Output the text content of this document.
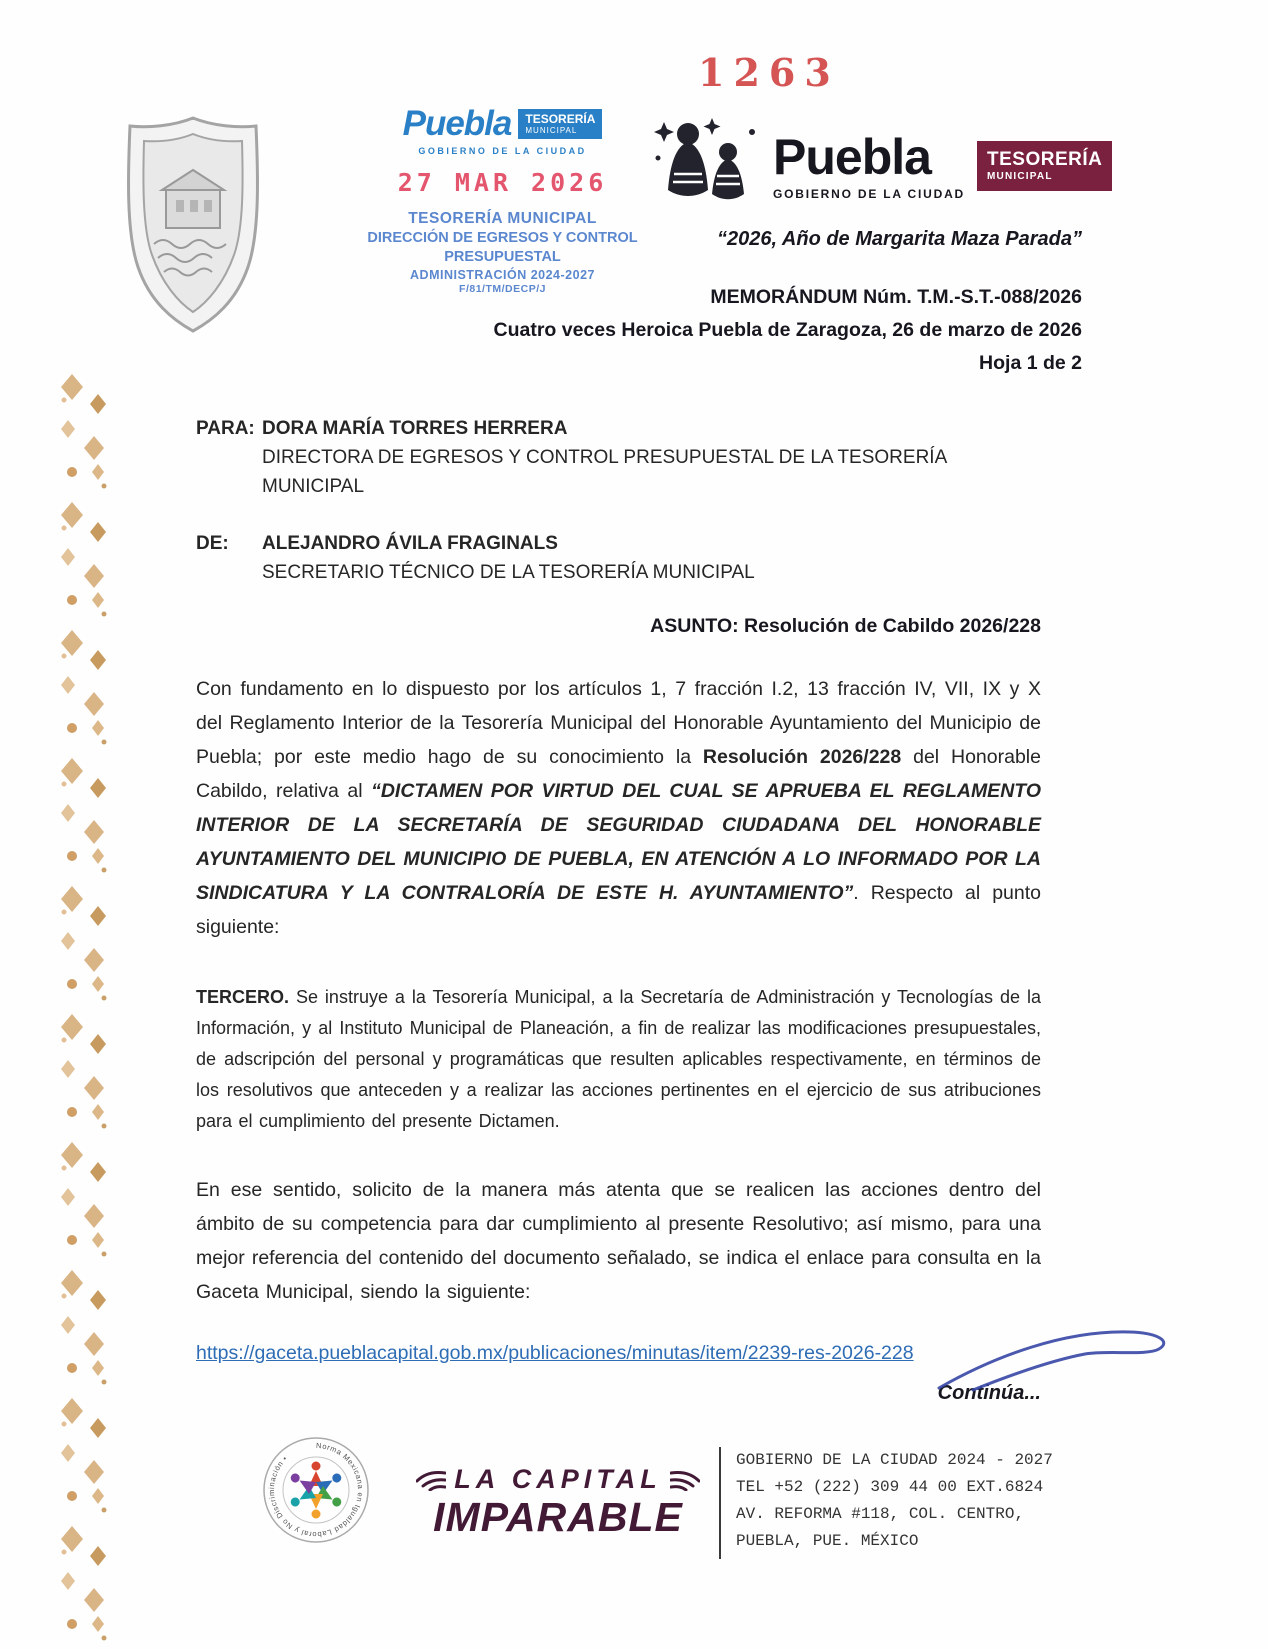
1263
Puebla TESORERÍA
MUNICIPAL
GOBIERNO DE LA CIUDAD
27 MAR 2026
TESORERÍA MUNICIPAL
DIRECCIÓN DE EGRESOS Y CONTROL
PRESUPUESTAL
ADMINISTRACIÓN 2024-2027
F/81/TM/DECP/J
Puebla
GOBIERNO DE LA CIUDAD
TESORERÍA
MUNICIPAL
“2026, Año de Margarita Maza Parada”
MEMORÁNDUM Núm. T.M.-S.T.-088/2026
Cuatro veces Heroica Puebla de Zaragoza, 26 de marzo de 2026
Hoja 1 de 2
PARA: DORA MARÍA TORRES HERRERA
DIRECTORA DE EGRESOS Y CONTROL PRESUPUESTAL DE LA TESORERÍA MUNICIPAL
DE:	ALEJANDRO ÁVILA FRAGINALS
SECRETARIO TÉCNICO DE LA TESORERÍA MUNICIPAL
ASUNTO: Resolución de Cabildo 2026/228

Con fundamento en lo dispuesto por los artículos 1, 7 fracción I.2, 13 fracción IV, VII, IX y X del Reglamento Interior de la Tesorería Municipal del Honorable Ayuntamiento del Municipio de Puebla; por este medio hago de su conocimiento la Resolución 2026/228 del Honorable Cabildo, relativa al “DICTAMEN POR VIRTUD DEL CUAL SE APRUEBA EL REGLAMENTO INTERIOR DE LA SECRETARÍA DE SEGURIDAD CIUDADANA DEL HONORABLE AYUNTAMIENTO DEL MUNICIPIO DE PUEBLA, EN ATENCIÓN A LO INFORMADO POR LA SINDICATURA Y LA CONTRALORÍA DE ESTE H. AYUNTAMIENTO”. Respecto al punto siguiente:

TERCERO. Se instruye a la Tesorería Municipal, a la Secretaría de Administración y Tecnologías de la Información, y al Instituto Municipal de Planeación, a fin de realizar las modificaciones presupuestales, de adscripción del personal y programáticas que resulten aplicables respectivamente, en términos de los resolutivos que anteceden y a realizar las acciones pertinentes en el ejercicio de sus atribuciones para el cumplimiento del presente Dictamen.

En ese sentido, solicito de la manera más atenta que se realicen las acciones dentro del ámbito de su competencia para dar cumplimiento al presente Resolutivo; así mismo, para una mejor referencia del contenido del documento señalado, se indica el enlace para consulta en la Gaceta Municipal, siendo la siguiente:

https://gaceta.pueblacapital.gob.mx/publicaciones/minutas/item/2239-res-2026-228
Continúa...
Norma Mexicana en Igualdad Laboral y No Discriminación •
LA CAPITAL
IMPARABLE
GOBIERNO DE LA CIUDAD 2024 - 2027
TEL +52 (222) 309 44 00 EXT.6824
AV. REFORMA #118, COL. CENTRO,
PUEBLA, PUE. MÉXICO
